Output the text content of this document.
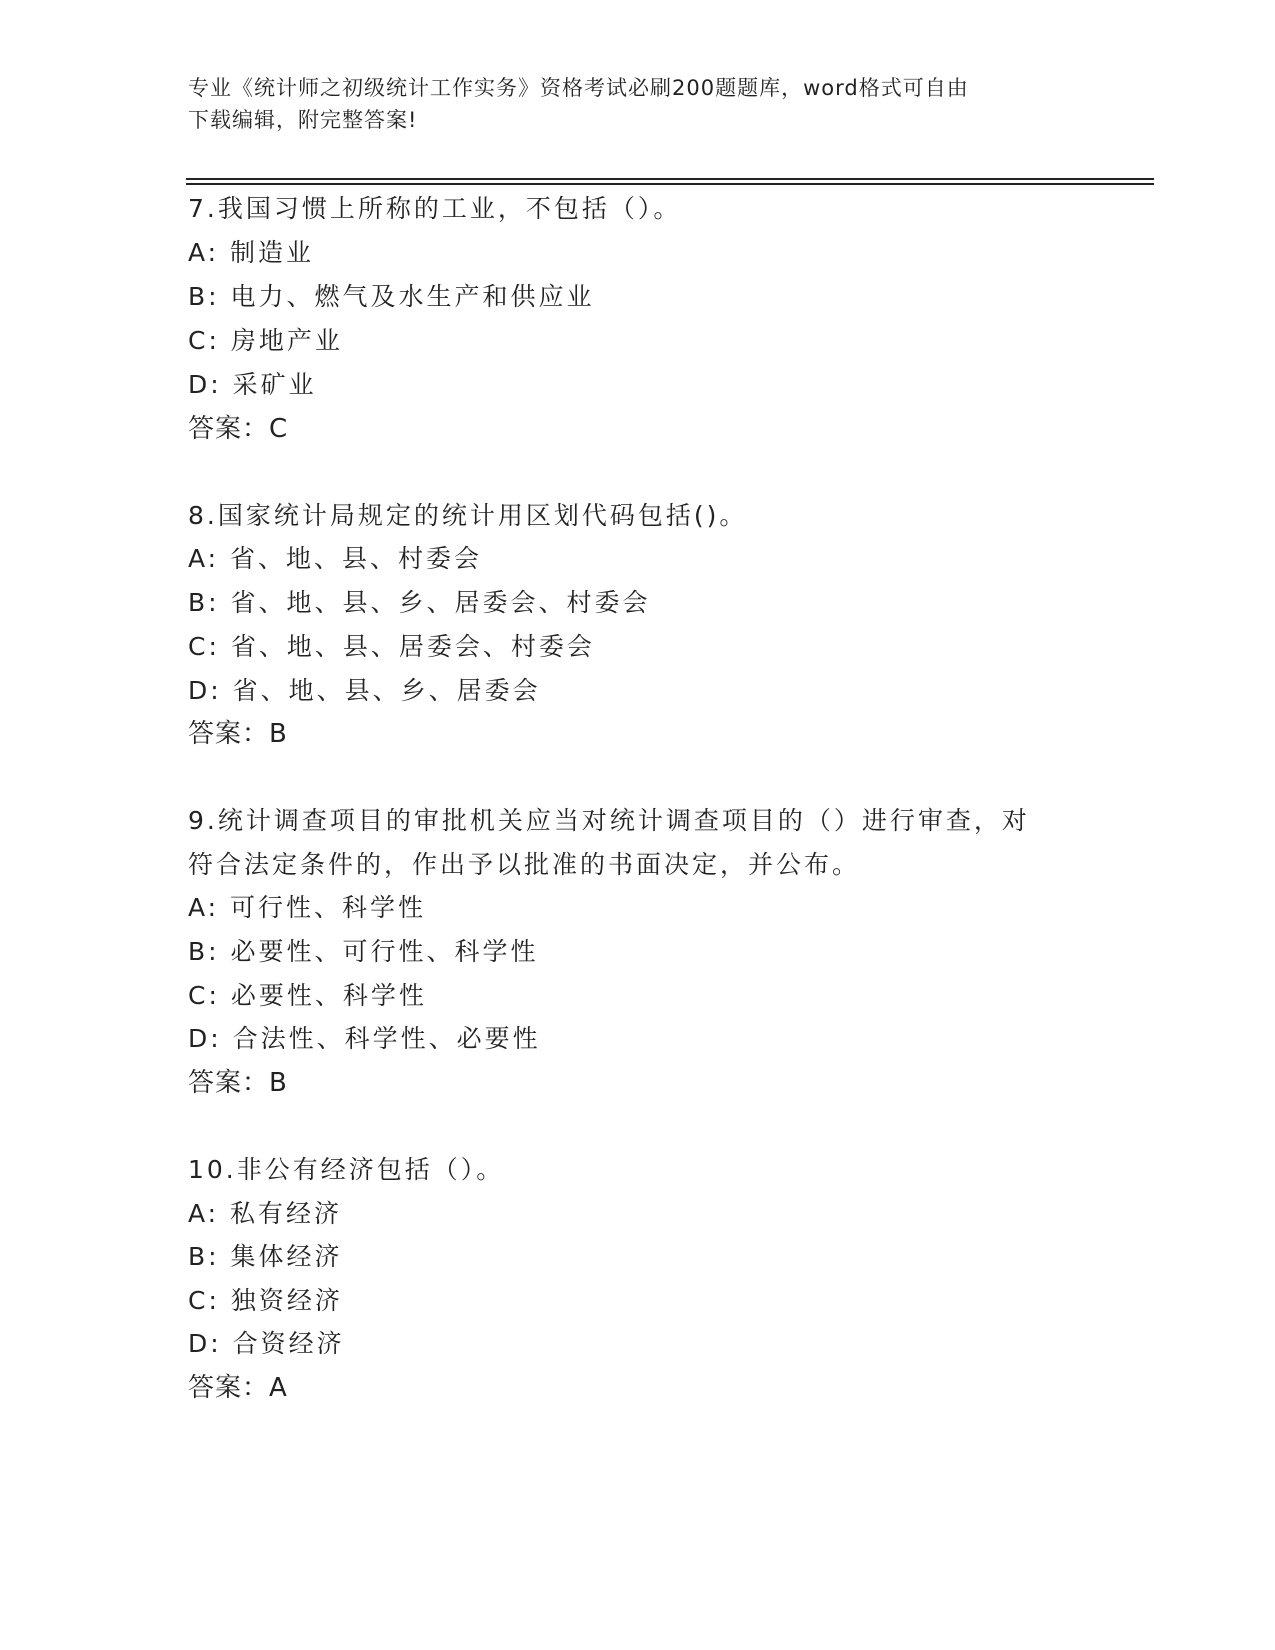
专业《统计师之初级统计工作实务》资格考试必刷200题题库，word格式可自由
下载编辑，附完整答案!
7.我国习惯上所称的工业，不包括（）。
A: 制造业
B: 电力、燃气及水生产和供应业
C: 房地产业
D: 采矿业
答案：C
8.国家统计局规定的统计用区划代码包括()。
A: 省、地、县、村委会
B: 省、地、县、乡、居委会、村委会
C: 省、地、县、居委会、村委会
D: 省、地、县、乡、居委会
答案：B
9.统计调查项目的审批机关应当对统计调查项目的（）进行审查，对
符合法定条件的，作出予以批准的书面决定，并公布。
A: 可行性、科学性
B: 必要性、可行性、科学性
C: 必要性、科学性
D: 合法性、科学性、必要性
答案：B
10.非公有经济包括（）。
A: 私有经济
B: 集体经济
C: 独资经济
D: 合资经济
答案：A
